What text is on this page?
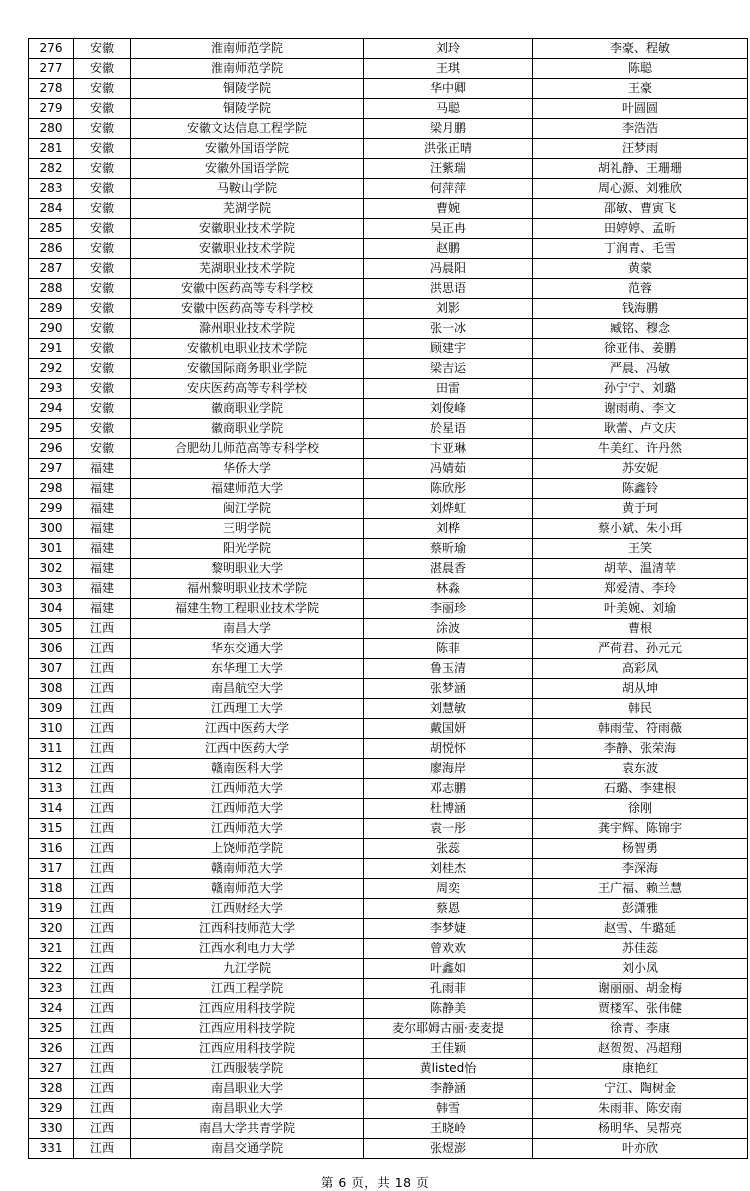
276	安徽	淮南师范学院	刘玲	李豪、程敏
277	安徽	淮南师范学院	王琪	陈聪
278	安徽	铜陵学院	华中卿	王豪
279	安徽	铜陵学院	马聪	叶圆圆
280	安徽	安徽文达信息工程学院	梁月鹏	李浩浩
281	安徽	安徽外国语学院	洪张正晴	汪梦雨
282	安徽	安徽外国语学院	汪紫瑞	胡礼静、王珊珊
283	安徽	马鞍山学院	何萍萍	周心源、刘雅欣
284	安徽	芜湖学院	曹婉	邵敏、曹寅飞
285	安徽	安徽职业技术学院	吴正冉	田婷婷、孟昕
286	安徽	安徽职业技术学院	赵鹏	丁润青、毛雪
287	安徽	芜湖职业技术学院	冯晨阳	黄蒙
288	安徽	安徽中医药高等专科学校	洪思语	范蓉
289	安徽	安徽中医药高等专科学校	刘影	钱海鹏
290	安徽	滁州职业技术学院	张一冰	臧铭、穆念
291	安徽	安徽机电职业技术学院	顾建宇	徐亚伟、姜鹏
292	安徽	安徽国际商务职业学院	梁吉运	严晨、冯敏
293	安徽	安庆医药高等专科学校	田雷	孙宁宁、刘璐
294	安徽	徽商职业学院	刘俊峰	谢雨萌、李文
295	安徽	徽商职业学院	於星语	耿蕾、卢文庆
296	安徽	合肥幼儿师范高等专科学校	卞亚琳	牛美红、许丹然
297	福建	华侨大学	冯婧茹	苏安妮
298	福建	福建师范大学	陈欣彤	陈鑫铃
299	福建	闽江学院	刘烨虹	黄于珂
300	福建	三明学院	刘桦	蔡小斌、朱小珥
301	福建	阳光学院	蔡昕瑜	王笑
302	福建	黎明职业大学	湛晨香	胡苹、温清苹
303	福建	福州黎明职业技术学院	林淼	郑爱清、李玲
304	福建	福建生物工程职业技术学院	李丽珍	叶美婉、刘瑜
305	江西	南昌大学	涂波	曹根
306	江西	华东交通大学	陈菲	严荷君、孙元元
307	江西	东华理工大学	鲁玉清	高彩凤
308	江西	南昌航空大学	张梦涵	胡从坤
309	江西	江西理工大学	刘慧敏	韩民
310	江西	江西中医药大学	戴国妍	韩雨莹、符雨薇
311	江西	江西中医药大学	胡悦怀	李静、张荣海
312	江西	赣南医科大学	廖海岸	袁东波
313	江西	江西师范大学	邓志鹏	石璐、李建根
314	江西	江西师范大学	杜博涵	徐刚
315	江西	江西师范大学	袁一彤	龚宇辉、陈锦宇
316	江西	上饶师范学院	张蕊	杨智勇
317	江西	赣南师范大学	刘桂杰	李深海
318	江西	赣南师范大学	周奕	王广福、赖兰慧
319	江西	江西财经大学	蔡恩	彭潇雅
320	江西	江西科技师范大学	李梦婕	赵雪、牛璐延
321	江西	江西水利电力大学	曾欢欢	苏佳蕊
322	江西	九江学院	叶鑫如	刘小凤
323	江西	江西工程学院	孔雨菲	谢丽丽、胡金梅
324	江西	江西应用科技学院	陈静美	贾楼军、张伟健
325	江西	江西应用科技学院	麦尔耶姆古丽·麦麦提	徐青、李康
326	江西	江西应用科技学院	王佳颖	赵贺贺、冯超翔
327	江西	江西服装学院	黄listed怡	康艳红
328	江西	南昌职业大学	李静涵	宁江、陶树金
329	江西	南昌职业大学	韩雪	朱雨菲、陈安南
330	江西	南昌大学共青学院	王晓岭	杨明华、吴帮亮
331	江西	南昌交通学院	张煜澎	叶亦欣
第 6 页，共 18 页
